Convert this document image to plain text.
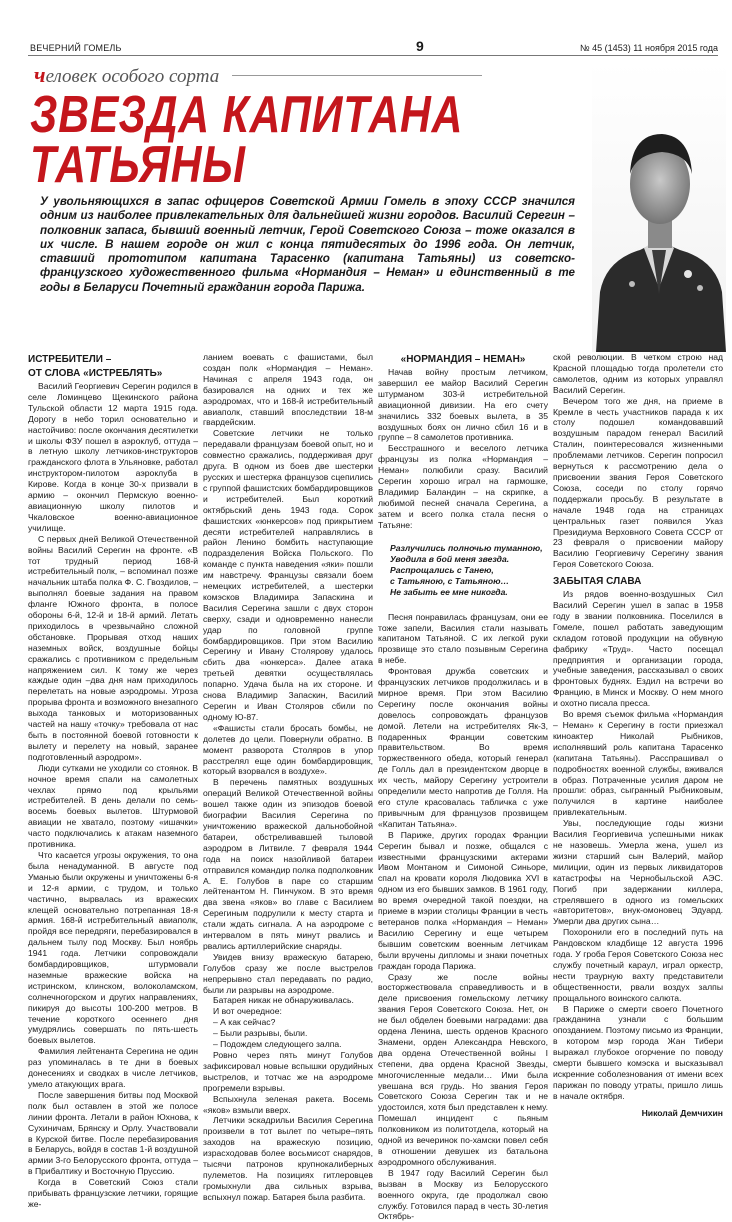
ВЕЧЕРНИЙ ГОМЕЛЬ	9	№ 45 (1453) 11 ноября 2015 года
человек особого сорта
ЗВЕЗДА КАПИТАНА
ТАТЬЯНЫ
У увольняющихся в запас офицеров Советской Армии Гомель в эпоху СССР значился одним из наиболее привлекательных для дальнейшей жизни городов. Василий Серегин – полковник запаса, бывший военный летчик, Герой Советского Союза – тоже оказался в их числе. В нашем городе он жил с конца пятидесятых до 1996 года. Он летчик, ставший прототипом капитана Тарасенко (капитана Татьяны) из советско-французского художественного фильма «Нормандия – Неман» и единственный в те годы в Беларуси Почетный гражданин города Парижа.
ИСТРЕБИТЕЛИ –
ОТ СЛОВА «ИСТРЕБЛЯТЬ»

Василий Георгиевич Серегин родился в селе Ломинцево Щекинского района Тульской области 12 марта 1915 года. Дорогу в небо торил основательно и настойчиво: после окончания десятилетки и школы ФЗУ пошел в аэроклуб, оттуда – в летную школу летчиков-инструкторов гражданского флота в Ульяновке, работал инструктором-пилотом аэроклуба в Кирове. Когда в конце 30-х призвали в армию – окончил Пермскую военно-авиационную школу пилотов и Чкаловское военно-авиационное училище.

С первых дней Великой Отечественной войны Василий Серегин на фронте. «В тот трудный период 168-й истребительный полк, – вспоминал позже начальник штаба полка Ф. С. Гвоздилов, – выполнял боевые задания на правом фланге Южного фронта, в полосе обороны 6-й, 12-й и 18-й армий. Летать приходилось в чрезвычайно сложной обстановке. Прорывая отход наших наземных войск, воздушные бойцы сражались с противником с предельным напряжением сил. К тому же через каждые один –два дня нам приходилось перелетать на новые аэродромы. Угроза прорыва фронта и возможного внезапного выхода танковых и моторизованных частей на нашу «точку» требовала от нас быть в постоянной боевой готовности к вылету и перелету на новый, заранее подготовленный аэродром».

Люди сутками не уходили со стоянок. В ночное время спали на самолетных чехлах прямо под крыльями истребителей. В день делали по семь-восемь боевых вылетов. Штурмовой авиации не хватало, поэтому «ишачки» часто подключались к атакам наземного противника.

Что касается угрозы окружения, то она была ненадуманной. В августе под Уманью были окружены и уничтожены 6-я и 12-я армии, с трудом, и только частично, вырвалась из вражеских клещей основательно потрепанная 18-я армия. 168-й истребительный авиаполк, пройдя все передряги, перебазировался в дальнем тылу под Москву. Был ноябрь 1941 года. Летчики сопровождали бомбардировщиков, штурмовали наземные вражеские войска на истринском, клинском, волоколамском, солнечногорском и других направлениях, пикируя до высоты 100-200 метров. В течение короткого осеннего дня умудрялись совершать по пять-шесть боевых вылетов.

Фамилия лейтенанта Серегина не один раз упоминалась в те дни в боевых донесениях и сводках в числе летчиков, умело атакующих врага.

После завершения битвы под Москвой полк был оставлен в этой же полосе линии фронта. Летали в район Юхнова, к Сухиничам, Брянску и Орлу. Участвовали в Курской битве. После перебазирования в Беларусь, войдя в состав 1-й воздушной армии 3-го Белорусского фронта, оттуда – в Прибалтику и Восточную Пруссию.

Когда в Советский Союз стали прибывать французские летчики, горящие же-

ланием воевать с фашистами, был создан полк «Нормандия – Неман». Начиная с апреля 1943 года, он базировался на одних и тех же аэродромах, что и 168-й истребительный авиаполк, ставший впоследствии 18-м гвардейским.

Советские летчики не только передавали французам боевой опыт, но и совместно сражались, поддерживая друг друга. В одном из боев две шестерки русских и шестерка французов сцепились с группой фашистских бомбардировщиков и истребителей. Был короткий октябрьский день 1943 года. Сорок фашистских «юнкерсов» под прикрытием десяти истребителей направлялись в район Ленино бомбить наступающие подразделения Войска Польского. По команде с пункта наведения «яки» пошли им навстречу. Французы связали боем немецких истребителей, а шестерки комэсков Владимира Запаскина и Василия Серегина зашли с двух сторон сверху, сзади и одновременно нанесли удар по головной группе бомбардировщиков. При этом Василию Серегину и Ивану Столярову удалось сбить два «юнкерса». Далее атака третьей девятки осуществлялась попарно. Удача была на их стороне. И снова Владимир Запаскин, Василий Серегин и Иван Столяров сбили по одному Ю-87.

«Фашисты стали бросать бомбы, не долетев до цели. Повернули обратно. В момент разворота Столяров в упор расстрелял еще один бомбардировщик, который взорвался в воздухе».

В перечень памятных воздушных операций Великой Отечественной войны вошел также один из эпизодов боевой биографии Василия Серегина по уничтожению вражеской дальнобойной батареи, обстреливавшей тыловой аэродром в Литвиле. 7 февраля 1944 года на поиск назойливой батареи отправился командир полка подполковник А. Е. Голубов в паре со старшим лейтенантом Н. Пинчуком. В это время два звена «яков» во главе с Василием Серегиным подрулили к месту старта и стали ждать сигнала. А на аэродроме с интервалом в пять минут рвались и рвались артиллерийские снаряды.

Увидев внизу вражескую батарею, Голубов сразу же после выстрелов непрерывно стал передавать по радио, были ли разрывы на аэродроме.

Батарея никак не обнаруживалась.

И вот очередное:

– А как сейчас?

– Были разрывы, были.

– Подождем следующего залпа.

Ровно через пять минут Голубов зафиксировал новые вспышки орудийных выстрелов, и тотчас же на аэродроме прогремели взрывы.

Вспыхнула зеленая ракета. Восемь «яков» взмыли вверх.

Летчики эскадрильи Василия Серегина произвели в тот вылет по четыре–пять заходов на вражескую позицию, израсходовав более восьмисот снарядов, тысячи патронов крупнокалиберных пулеметов. На позициях гитлеровцев громыхнули два сильных взрыва, вспыхнул пожар. Батарея была разбита.

«НОРМАНДИЯ – НЕМАН»

Начав войну простым летчиком, завершил ее майор Василий Серегин штурманом 303-й истребительной авиационной дивизии. На его счету значились 332 боевых вылета, в 35 воздушных боях он лично сбил 16 и в группе – 8 самолетов противника.

Бесстрашного и веселого летчика французы из полка «Нормандия – Неман» полюбили сразу. Василий Серегин хорошо играл на гармошке, Владимир Баландин – на скрипке, а любимой песней сначала Серегина, а затем и всего полка стала песня о Татьяне:

Разлучились полночью туманною,
Уводила в бой меня звезда.
Распрощались с Танею,
с Татьяною, с Татьяною…
Не забыть ее мне никогда.

Песня понравилась французам, они ее тоже запели, Василия стали называть капитаном Татьяной. С их легкой руки прозвище это стало позывным Серегина в небе.

Фронтовая дружба советских и французских летчиков продолжилась и в мирное время. При этом Василию Серегину после окончания войны довелось сопровождать французов домой. Летели на истребителях Як-3, подаренных Франции советским правительством. Во время торжественного обеда, который генерал де Голль дал в президентском дворце в их честь, майору Серегину устроители определили место напротив де Голля. На его стуле красовалась табличка с уже привычным для французов прозвищем «Капитан Татьяна».

В Париже, других городах Франции Серегин бывал и позже, общался с известными французскими актерами Ивом Монтаном и Симоной Синьоре, спал на кровати короля Людовика XVI в одном из его бывших замков. В 1961 году, во время очередной такой поездки, на приеме в мэрии столицы Франции в честь ветеранов полка «Нормандия – Неман» Василию Серегину и еще четырем бывшим советским военным летчикам были вручены дипломы и знаки почетных граждан города Парижа.

Сразу же после войны восторжествовала справедливость и в деле присвоения гомельскому летчику звания Героя Советского Союза. Нет, он не был обделен боевыми наградами: два ордена Ленина, шесть орденов Красного Знамени, орден Александра Невского, два ордена Отечественной войны I степени, два ордена Красной Звезды, многочисленные медали… Ими была увешана вся грудь. Но звания Героя Советского Союза Серегин так и не удостоился, хотя был представлен к нему. Помешал инцидент с пьяным полковником из политотдела, который на одной из вечеринок по-хамски повел себя в отношении девушек из батальона аэродромного обслуживания.

В 1947 году Василий Серегин был вызван в Москву из Белорусского военного округа, где продолжал свою службу. Готовился парад в честь 30-летия Октябрь-

ской революции. В четком строю над Красной площадью тогда пролетели сто самолетов, одним из которых управлял Василий Серегин.

Вечером того же дня, на приеме в Кремле в честь участников парада к их столу подошел командовавший воздушным парадом генерал Василий Сталин, поинтересовался жизненными проблемами летчиков. Серегин попросил вернуться к рассмотрению дела о присвоении звания Героя Советского Союза, соседи по столу горячо поддержали просьбу. В результате в начале 1948 года на страницах центральных газет появился Указ Президиума Верховного Совета СССР от 23 февраля о присвоении майору Василию Георгиевичу Серегину звания Героя Советского Союза.

ЗАБЫТАЯ СЛАВА

Из рядов военно-воздушных Сил Василий Серегин ушел в запас в 1958 году в звании полковника. Поселился в Гомеле, пошел работать заведующим складом готовой продукции на обувную фабрику «Труд». Часто посещал предприятия и организации города, учебные заведения, рассказывал о своих фронтовых буднях. Ездил на встречи во Францию, в Минск и Москву. О нем много и охотно писала пресса.

Во время съемок фильма «Нормандия – Неман» к Серегину в гости приезжал киноактер Николай Рыбников, исполнявший роль капитана Тарасенко (капитана Татьяны). Расспрашивал о подробностях военной службы, вживался в образ. Потраченные усилия даром не прошли: образ, сыгранный Рыбниковым, получился в картине наиболее привлекательным.

Увы, последующие годы жизни Василия Георгиевича успешными никак не назовешь. Умерла жена, ушел из жизни старший сын Валерий, майор милиции, один из первых ликвидаторов катастрофы на Чернобыльской АЭС. Погиб при задержании киллера, стрелявшего в одного из гомельских «авторитетов», внук-омоновец Эдуард. Умерли два других сына…

Похоронили его в последний путь на Рандовском кладбище 12 августа 1996 года. У гроба Героя Советского Союза нес службу почетный караул, играл оркестр, нести траурную вахту представители общественности, рвали воздух залпы прощального воинского салюта.

В Париже о смерти своего Почетного гражданина узнали с большим опозданием. Поэтому письмо из Франции, в котором мэр города Жан Тибери выражал глубокое огорчение по поводу смерти бывшего комэска и высказывал искренние соболезнования от имени всех парижан по поводу утраты, пришло лишь в начале октября.

Николай Демчихин
